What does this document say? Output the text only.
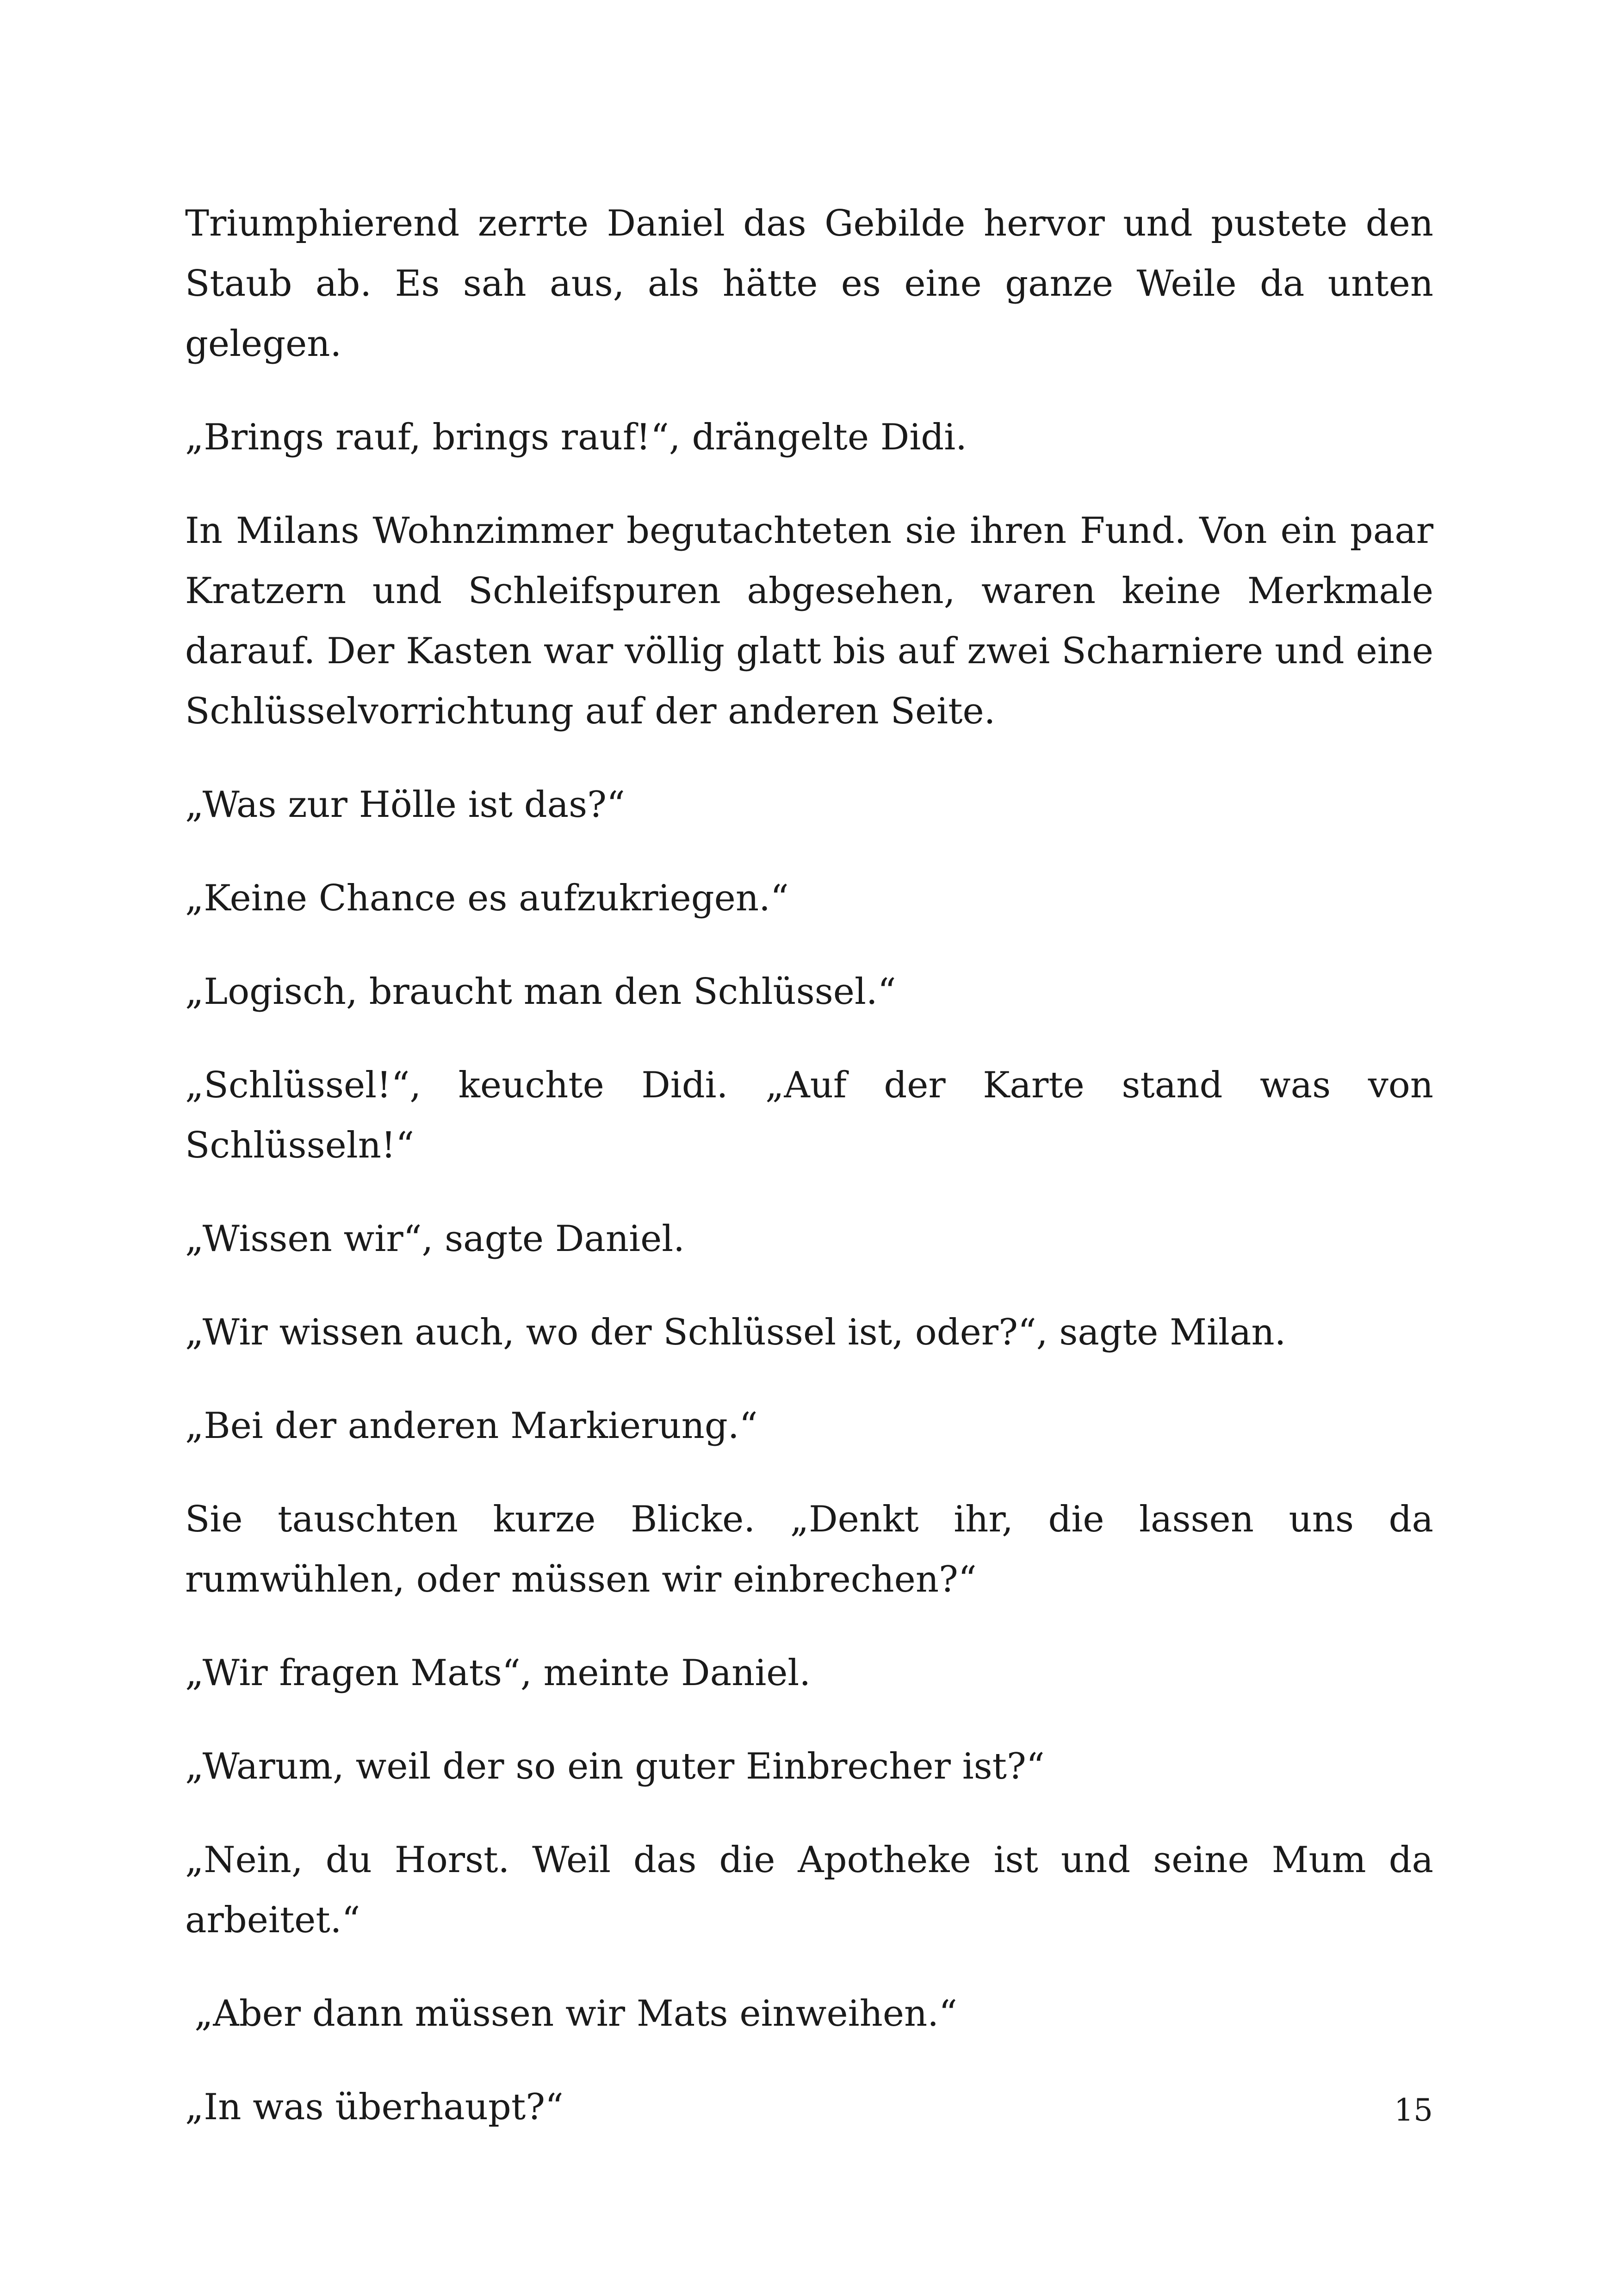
Triumphierend zerrte Daniel das Gebilde hervor und pustete den Staub ab. Es sah aus, als hätte es eine ganze Weile da unten gelegen.

„Brings rauf, brings rauf!“, drängelte Didi.

In Milans Wohnzimmer begutachteten sie ihren Fund. Von ein paar Kratzern und Schleifspuren abgesehen, waren keine Merkmale darauf. Der Kasten war völlig glatt bis auf zwei Scharniere und eine Schlüsselvorrichtung auf der anderen Seite.

„Was zur Hölle ist das?“

„Keine Chance es aufzukriegen.“

„Logisch, braucht man den Schlüssel.“

„Schlüssel!“, keuchte Didi. „Auf der Karte stand was von Schlüsseln!“

„Wissen wir“, sagte Daniel.

„Wir wissen auch, wo der Schlüssel ist, oder?“, sagte Milan.

„Bei der anderen Markierung.“

Sie tauschten kurze Blicke. „Denkt ihr, die lassen uns da rumwühlen, oder müssen wir einbrechen?“

„Wir fragen Mats“, meinte Daniel.

„Warum, weil der so ein guter Einbrecher ist?“

„Nein, du Horst. Weil das die Apotheke ist und seine Mum da arbeitet.“

„Aber dann müssen wir Mats einweihen.“

„In was überhaupt?“	15
